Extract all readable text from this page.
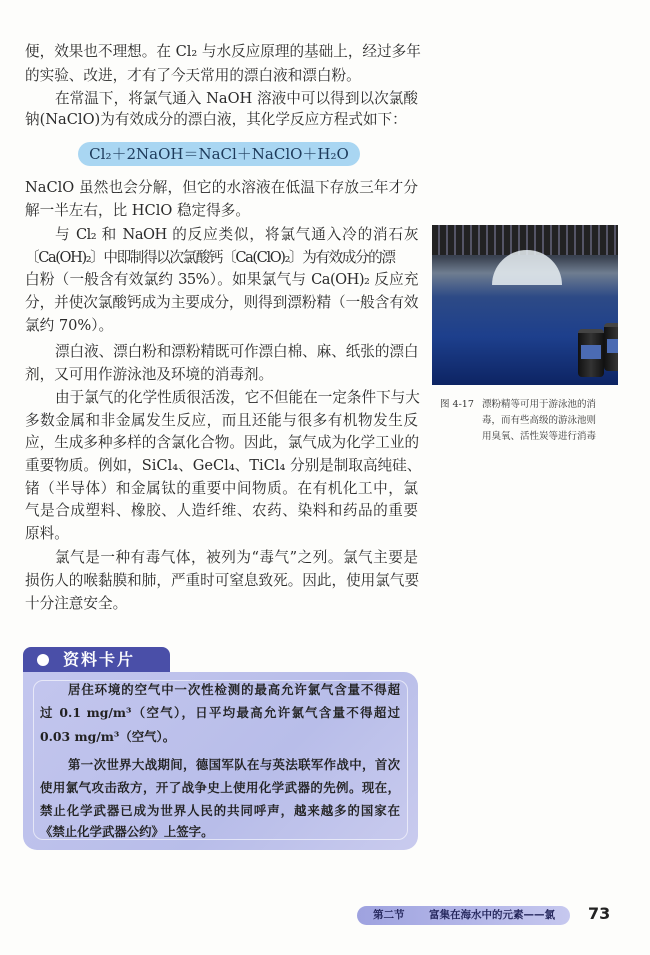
便，效果也不理想。在 Cl₂ 与水反应原理的基础上，经过多年
的实验、改进，才有了今天常用的漂白液和漂白粉。
在常温下，将氯气通入 NaOH 溶液中可以得到以次氯酸
钠(NaClO)为有效成分的漂白液，其化学反应方程式如下：
Cl₂＋2NaOH＝NaCl＋NaClO＋H₂O
NaClO 虽然也会分解，但它的水溶液在低温下存放三年才分
解一半左右，比 HClO 稳定得多。
与 Cl₂ 和 NaOH 的反应类似，将氯气通入冷的消石灰
〔Ca(OH)₂〕中即制得以次氯酸钙〔Ca(ClO)₂〕为有效成分的漂
白粉（一般含有效氯约 35%）。如果氯气与 Ca(OH)₂ 反应充
分，并使次氯酸钙成为主要成分，则得到漂粉精（一般含有效
氯约 70%）。
漂白液、漂白粉和漂粉精既可作漂白棉、麻、纸张的漂白
剂，又可用作游泳池及环境的消毒剂。
由于氯气的化学性质很活泼，它不但能在一定条件下与大
多数金属和非金属发生反应，而且还能与很多有机物发生反
应，生成多种多样的含氯化合物。因此，氯气成为化学工业的
重要物质。例如，SiCl₄、GeCl₄、TiCl₄ 分别是制取高纯硅、
锗（半导体）和金属钛的重要中间物质。在有机化工中，氯
气是合成塑料、橡胶、人造纤维、农药、染料和药品的重要
原料。
氯气是一种有毒气体，被列为“毒气”之列。氯气主要是
损伤人的喉黏膜和肺，严重时可窒息致死。因此，使用氯气要
十分注意安全。
图 4-17 漂粉精等可用于游泳池的消
毒，而有些高级的游泳池则
用臭氧、活性炭等进行消毒
资料卡片
居住环境的空气中一次性检测的最高允许氯气含量不得超
过 0.1 mg/m³（空气），日平均最高允许氯气含量不得超过
0.03 mg/m³（空气）。
第一次世界大战期间，德国军队在与英法联军作战中，首次
使用氯气攻击敌方，开了战争史上使用化学武器的先例。现在，
禁止化学武器已成为世界人民的共同呼声，越来越多的国家在
《禁止化学武器公约》上签字。
第二节 富集在海水中的元素——氯 73
